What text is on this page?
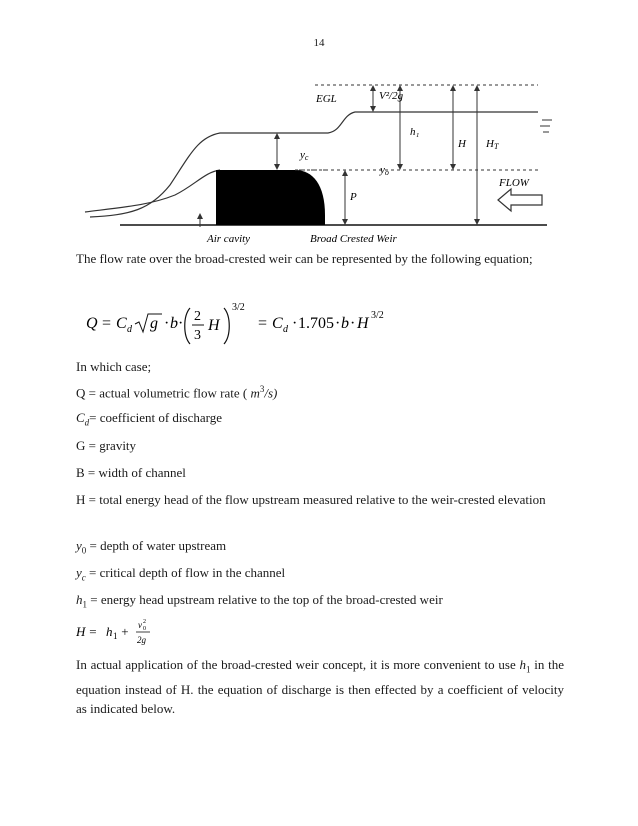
14
EGL	V²/2g
h₁
H HT
yc
yo
FLOW
P
Air cavity	Broad Crested Weir
The flow rate over the broad-crested weir can be represented by the following equation;
Q = C d g · b · 2
3
H
3/2
= C d · 1.705 · b · H 3/2
In which case;
Q = actual volumetric flow rate ( $m^3/s$)
$C_d=$ coefficient of discharge
G = gravity
B = width of channel
H = total energy head of the flow upstream measured relative to the weir-crested elevation
$y_0$ = depth of water upstream
$y_c$ = critical depth of flow in the channel
$h_1$ = energy head upstream relative to the top of the broad-crested weir
H = h 1 + v 2
0
2g
In actual application of the broad-crested weir concept, it is more convenient to use $h_1$ in the equation instead of H. the equation of discharge is then effected by a coefficient of velocity as indicated below.
